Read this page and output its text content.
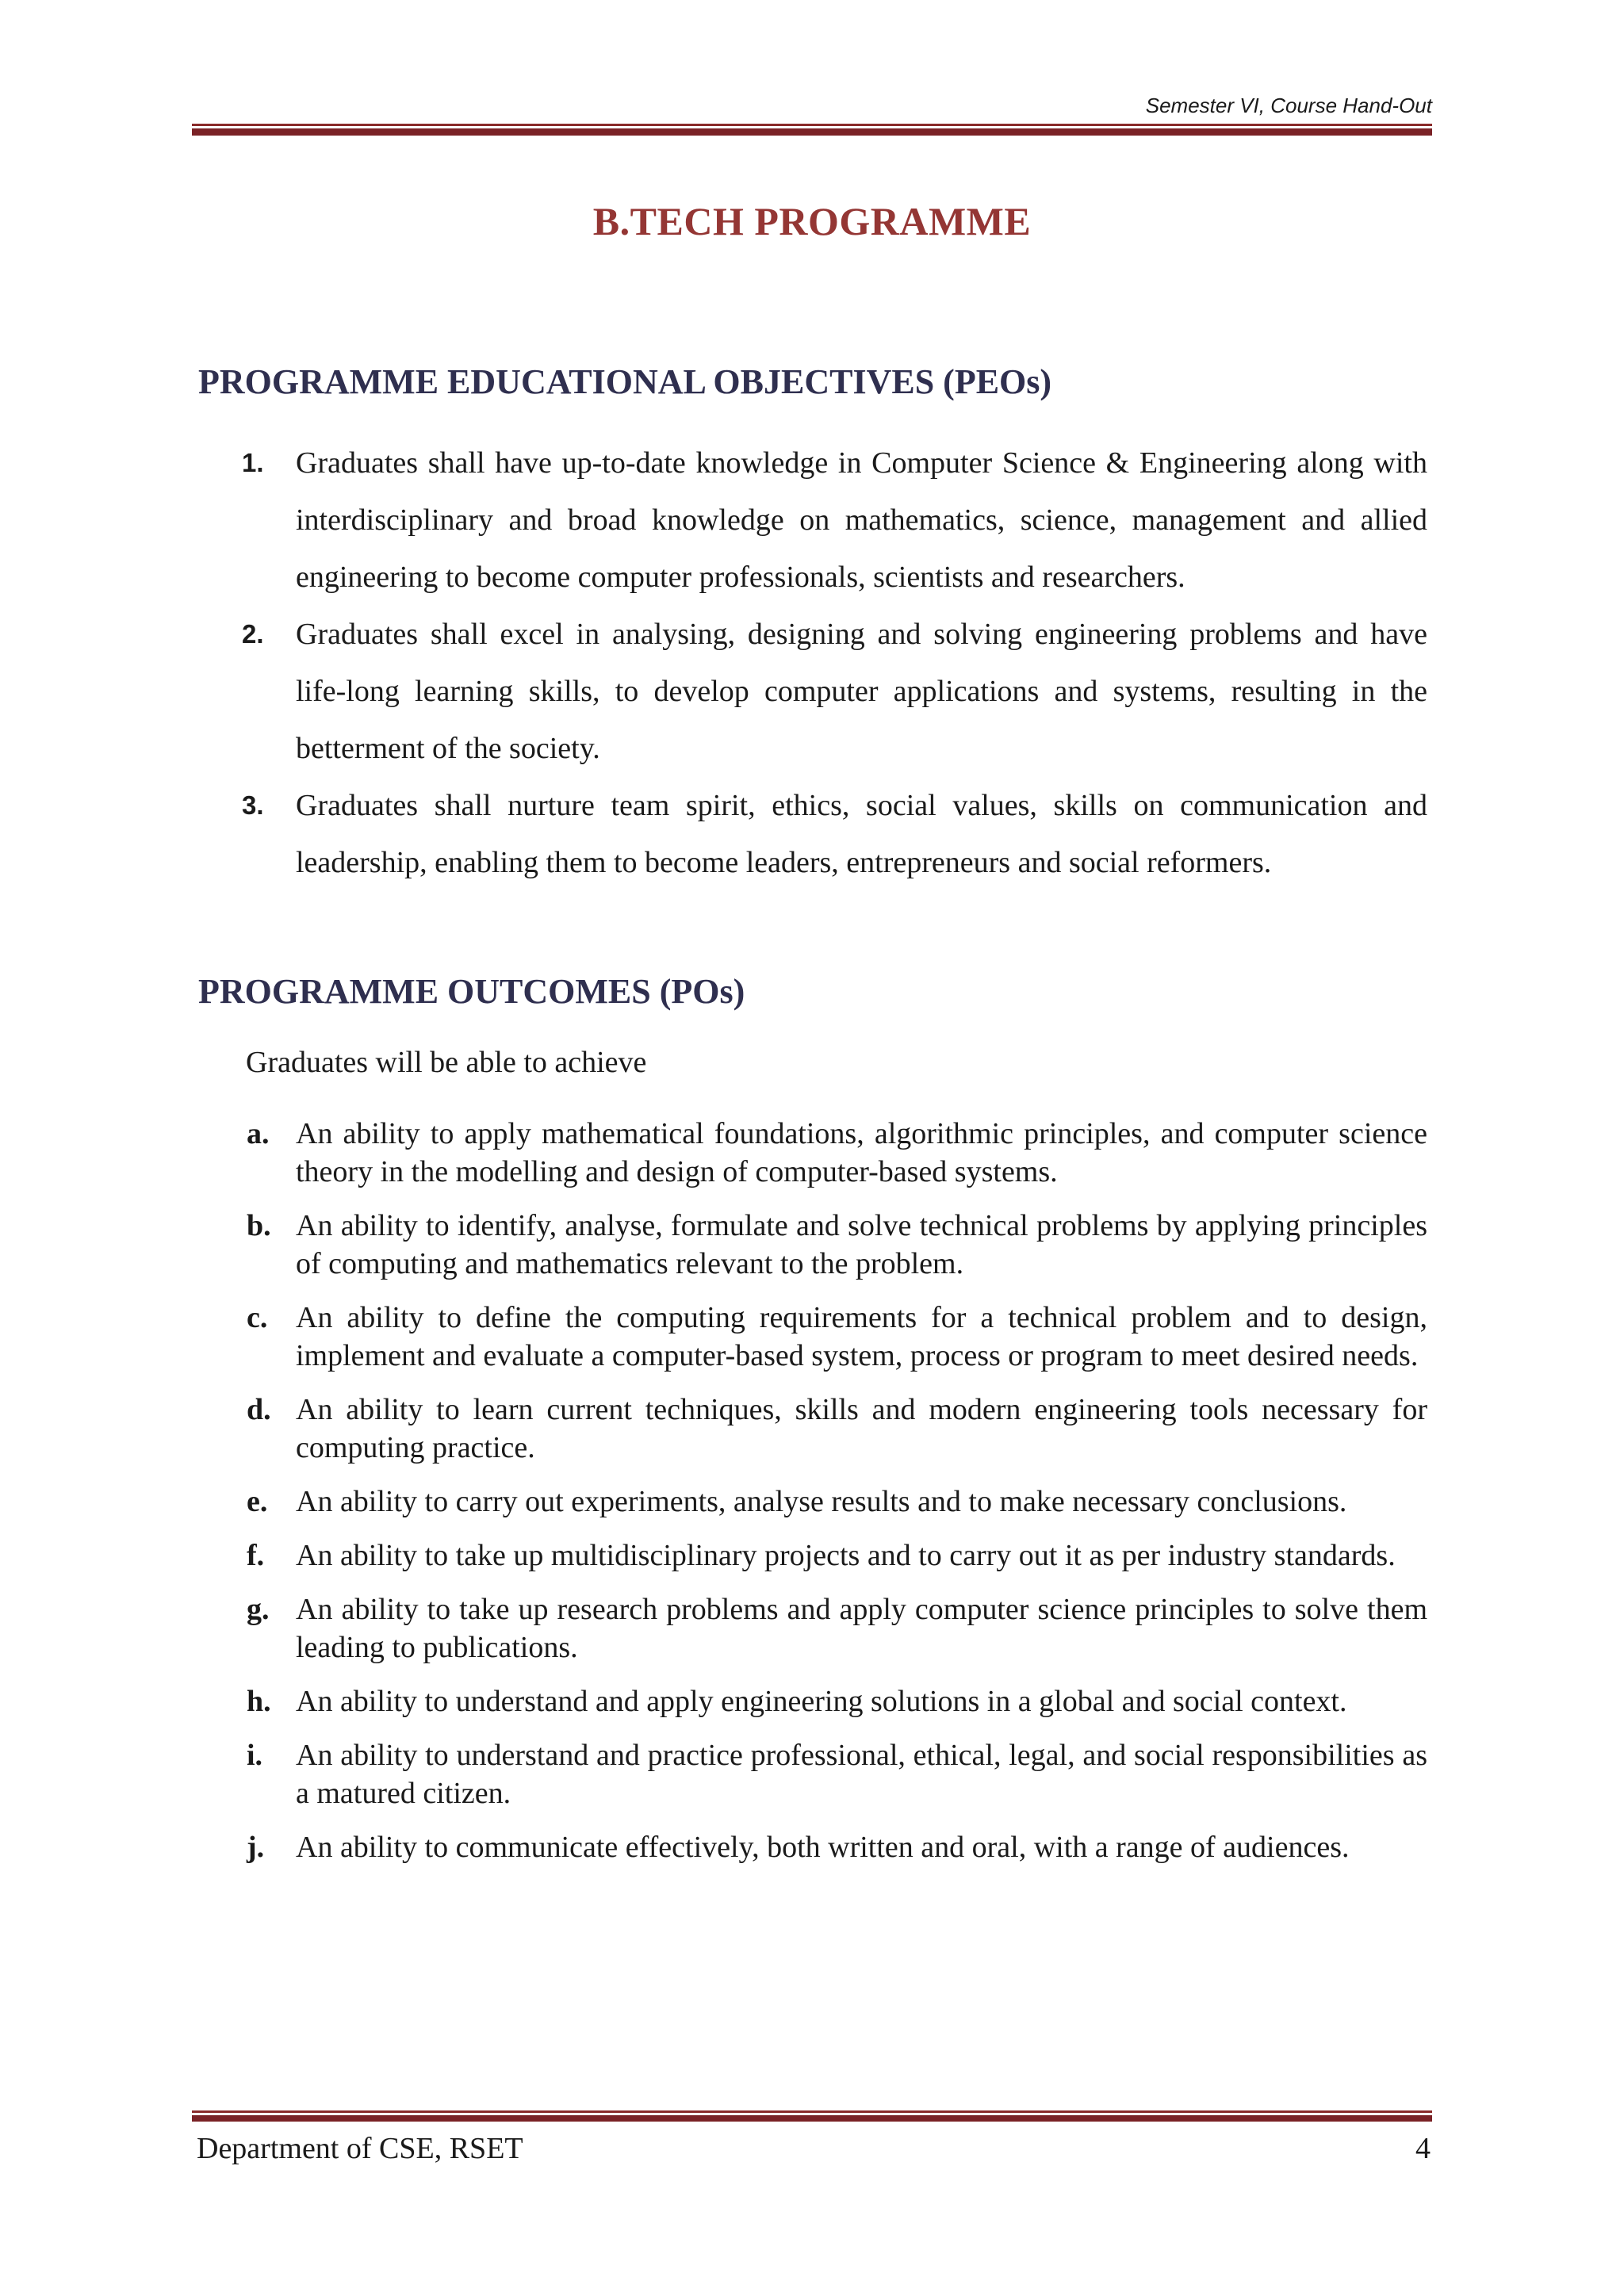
Semester VI, Course Hand-Out
B.TECH PROGRAMME
PROGRAMME EDUCATIONAL OBJECTIVES (PEOs)
1. Graduates shall have up-to-date knowledge in Computer Science & Engineering along with interdisciplinary and broad knowledge on mathematics, science, management and allied engineering to become computer professionals, scientists and researchers.
2. Graduates shall excel in analysing, designing and solving engineering problems and have life-long learning skills, to develop computer applications and systems, resulting in the betterment of the society.
3. Graduates shall nurture team spirit, ethics, social values, skills on communication and leadership, enabling them to become leaders, entrepreneurs and social reformers.
PROGRAMME OUTCOMES (POs)
Graduates will be able to achieve
a. An ability to apply mathematical foundations, algorithmic principles, and computer science theory in the modelling and design of computer-based systems.
b. An ability to identify, analyse, formulate and solve technical problems by applying principles of computing and mathematics relevant to the problem.
c. An ability to define the computing requirements for a technical problem and to design, implement and evaluate a computer-based system, process or program to meet desired needs.
d. An ability to learn current techniques, skills and modern engineering tools necessary for computing practice.
e. An ability to carry out experiments, analyse results and to make necessary conclusions.
f. An ability to take up multidisciplinary projects and to carry out it as per industry standards.
g. An ability to take up research problems and apply computer science principles to solve them leading to publications.
h. An ability to understand and apply engineering solutions in a global and social context.
i. An ability to understand and practice professional, ethical, legal, and social responsibilities as a matured citizen.
j. An ability to communicate effectively, both written and oral, with a range of audiences.
Department of CSE, RSET	4
